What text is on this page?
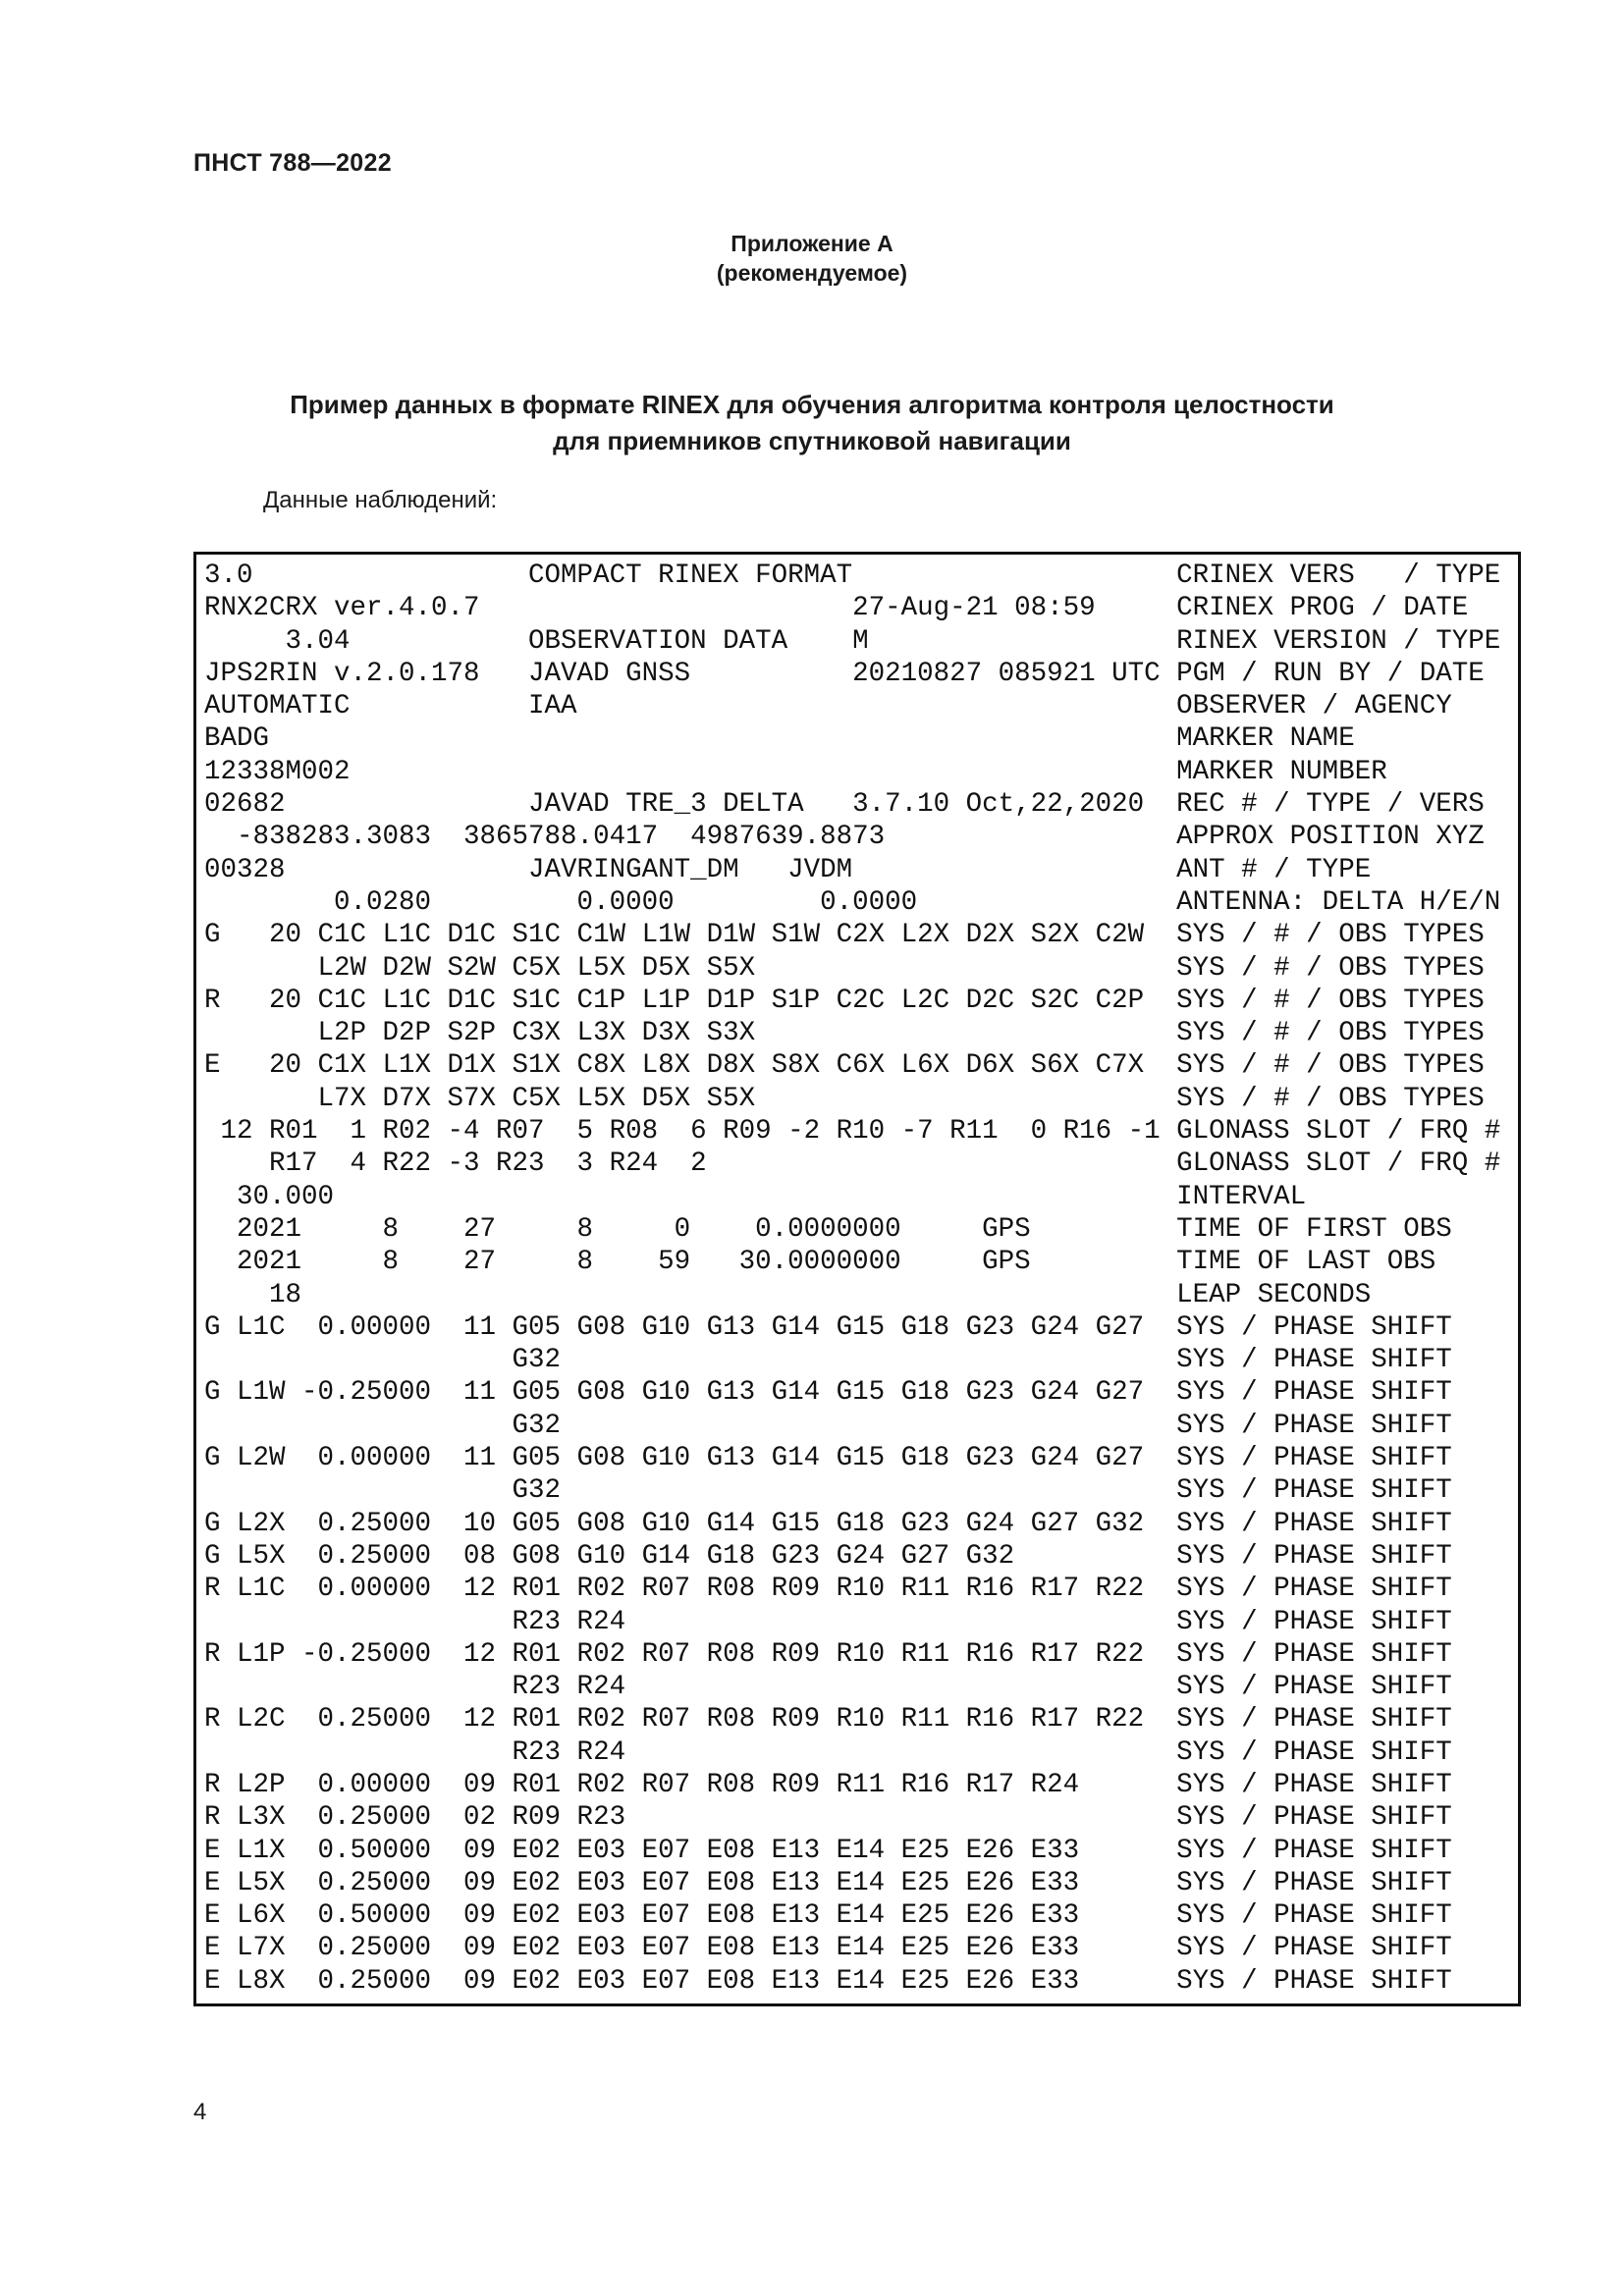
ПНСТ 788—2022
Приложение А
(рекомендуемое)
Пример данных в формате RINEX для обучения алгоритма контроля целостности
для приемников спутниковой навигации
Данные наблюдений:
3.0                 COMPACT RINEX FORMAT                    CRINEX VERS   / TYPE
RNX2CRX ver.4.0.7                       27-Aug-21 08:59     CRINEX PROG / DATE
3.04           OBSERVATION DATA    M                   RINEX VERSION / TYPE
JPS2RIN v.2.0.178   JAVAD GNSS          20210827 085921 UTC PGM / RUN BY / DATE
AUTOMATIC           IAA                                     OBSERVER / AGENCY
BADG                                                        MARKER NAME
12338M002                                                   MARKER NUMBER
02682               JAVAD TRE_3 DELTA   3.7.10 Oct,22,2020  REC # / TYPE / VERS
-838283.3083  3865788.0417  4987639.8873                  APPROX POSITION XYZ
00328               JAVRINGANT_DM   JVDM                    ANT # / TYPE
0.0280         0.0000         0.0000                ANTENNA: DELTA H/E/N
G   20 C1C L1C D1C S1C C1W L1W D1W S1W C2X L2X D2X S2X C2W  SYS / # / OBS TYPES
L2W D2W S2W C5X L5X D5X S5X                          SYS / # / OBS TYPES
R   20 C1C L1C D1C S1C C1P L1P D1P S1P C2C L2C D2C S2C C2P  SYS / # / OBS TYPES
L2P D2P S2P C3X L3X D3X S3X                          SYS / # / OBS TYPES
E   20 C1X L1X D1X S1X C8X L8X D8X S8X C6X L6X D6X S6X C7X  SYS / # / OBS TYPES
L7X D7X S7X C5X L5X D5X S5X                          SYS / # / OBS TYPES
12 R01  1 R02 -4 R07  5 R08  6 R09 -2 R10 -7 R11  0 R16 -1 GLONASS SLOT / FRQ #
R17  4 R22 -3 R23  3 R24  2                             GLONASS SLOT / FRQ #
30.000                                                    INTERVAL
2021     8    27     8     0    0.0000000     GPS         TIME OF FIRST OBS
2021     8    27     8    59   30.0000000     GPS         TIME OF LAST OBS
18                                                      LEAP SECONDS
G L1C  0.00000  11 G05 G08 G10 G13 G14 G15 G18 G23 G24 G27  SYS / PHASE SHIFT
G32                                      SYS / PHASE SHIFT
G L1W -0.25000  11 G05 G08 G10 G13 G14 G15 G18 G23 G24 G27  SYS / PHASE SHIFT
G32                                      SYS / PHASE SHIFT
G L2W  0.00000  11 G05 G08 G10 G13 G14 G15 G18 G23 G24 G27  SYS / PHASE SHIFT
G32                                      SYS / PHASE SHIFT
G L2X  0.25000  10 G05 G08 G10 G14 G15 G18 G23 G24 G27 G32  SYS / PHASE SHIFT
G L5X  0.25000  08 G08 G10 G14 G18 G23 G24 G27 G32          SYS / PHASE SHIFT
R L1C  0.00000  12 R01 R02 R07 R08 R09 R10 R11 R16 R17 R22  SYS / PHASE SHIFT
R23 R24                                  SYS / PHASE SHIFT
R L1P -0.25000  12 R01 R02 R07 R08 R09 R10 R11 R16 R17 R22  SYS / PHASE SHIFT
R23 R24                                  SYS / PHASE SHIFT
R L2C  0.25000  12 R01 R02 R07 R08 R09 R10 R11 R16 R17 R22  SYS / PHASE SHIFT
R23 R24                                  SYS / PHASE SHIFT
R L2P  0.00000  09 R01 R02 R07 R08 R09 R11 R16 R17 R24      SYS / PHASE SHIFT
R L3X  0.25000  02 R09 R23                                  SYS / PHASE SHIFT
E L1X  0.50000  09 E02 E03 E07 E08 E13 E14 E25 E26 E33      SYS / PHASE SHIFT
E L5X  0.25000  09 E02 E03 E07 E08 E13 E14 E25 E26 E33      SYS / PHASE SHIFT
E L6X  0.50000  09 E02 E03 E07 E08 E13 E14 E25 E26 E33      SYS / PHASE SHIFT
E L7X  0.25000  09 E02 E03 E07 E08 E13 E14 E25 E26 E33      SYS / PHASE SHIFT
E L8X  0.25000  09 E02 E03 E07 E08 E13 E14 E25 E26 E33      SYS / PHASE SHIFT
4
